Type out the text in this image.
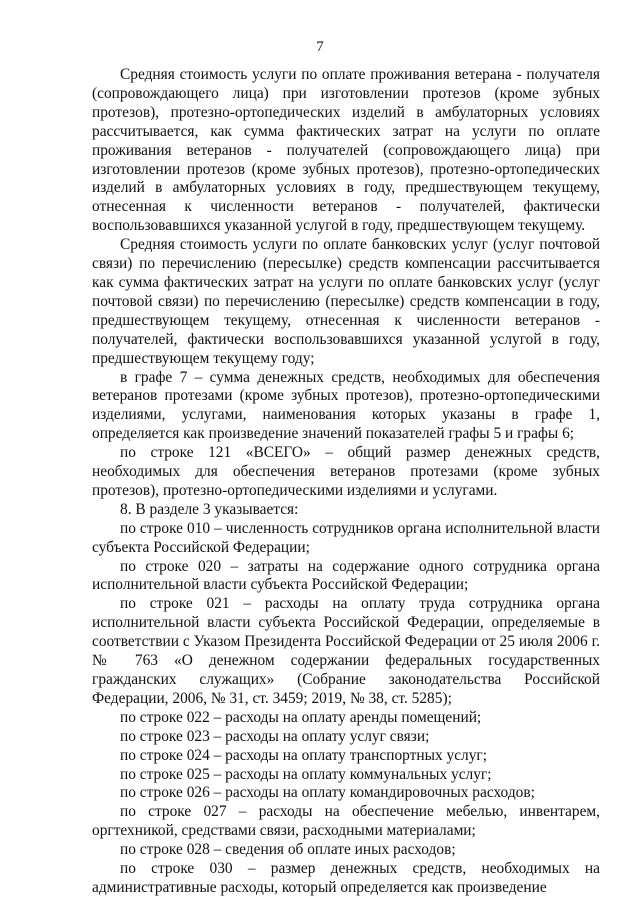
7

Средняя стоимость услуги по оплате проживания ветерана - получателя (сопровождающего лица) при изготовлении протезов (кроме зубных протезов), протезно-ортопедических изделий в амбулаторных условиях рассчитывается, как сумма фактических затрат на услуги по оплате проживания ветеранов - получателей (сопровождающего лица) при изготовлении протезов (кроме зубных протезов), протезно-ортопедических изделий в амбулаторных условиях в году, предшествующем текущему, отнесенная к численности ветеранов - получателей, фактически воспользовавшихся указанной услугой в году, предшествующем текущему.

Средняя стоимость услуги по оплате банковских услуг (услуг почтовой связи) по перечислению (пересылке) средств компенсации рассчитывается как сумма фактических затрат на услуги по оплате банковских услуг (услуг почтовой связи) по перечислению (пересылке) средств компенсации в году, предшествующем текущему, отнесенная к численности ветеранов - получателей, фактически воспользовавшихся указанной услугой в году, предшествующем текущему году;

в графе 7 – сумма денежных средств, необходимых для обеспечения ветеранов протезами (кроме зубных протезов), протезно-ортопедическими изделиями, услугами, наименования которых указаны в графе 1, определяется как произведение значений показателей графы 5 и графы 6;

по строке 121 «ВСЕГО» – общий размер денежных средств, необходимых для обеспечения ветеранов протезами (кроме зубных протезов), протезно-ортопедическими изделиями и услугами.

8. В разделе 3 указывается:

по строке 010 – численность сотрудников органа исполнительной власти субъекта Российской Федерации;

по строке 020 – затраты на содержание одного сотрудника органа исполнительной власти субъекта Российской Федерации;

по строке 021 – расходы на оплату труда сотрудника органа исполнительной власти субъекта Российской Федерации, определяемые в соответствии с Указом Президента Российской Федерации от 25 июля 2006 г. № 763 «О денежном содержании федеральных государственных гражданских служащих» (Собрание законодательства Российской Федерации, 2006, № 31, ст. 3459; 2019, № 38, ст. 5285);

по строке 022 – расходы на оплату аренды помещений;

по строке 023 – расходы на оплату услуг связи;

по строке 024 – расходы на оплату транспортных услуг;

по строке 025 – расходы на оплату коммунальных услуг;

по строке 026 – расходы на оплату командировочных расходов;

по строке 027 – расходы на обеспечение мебелью, инвентарем, оргтехникой, средствами связи, расходными материалами;

по строке 028 – сведения об оплате иных расходов;

по строке 030 – размер денежных средств, необходимых на административные расходы, который определяется как произведение
